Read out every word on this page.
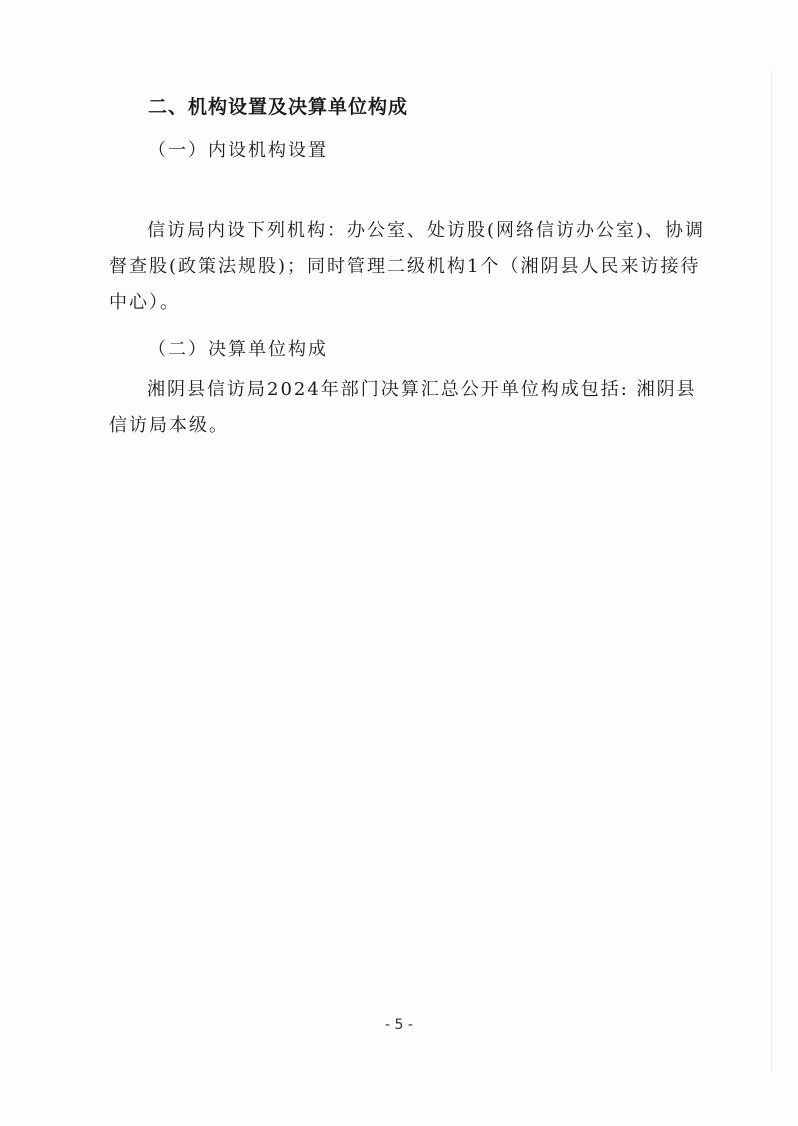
二、机构设置及决算单位构成
（一）内设机构设置

信访局内设下列机构：办公室、处访股(网络信访办公室)、协调督查股(政策法规股)；同时管理二级机构1个（湘阴县人民来访接待中心）。

（二）决算单位构成

湘阴县信访局2024年部门决算汇总公开单位构成包括: 湘阴县信访局本级。

- 5 -
